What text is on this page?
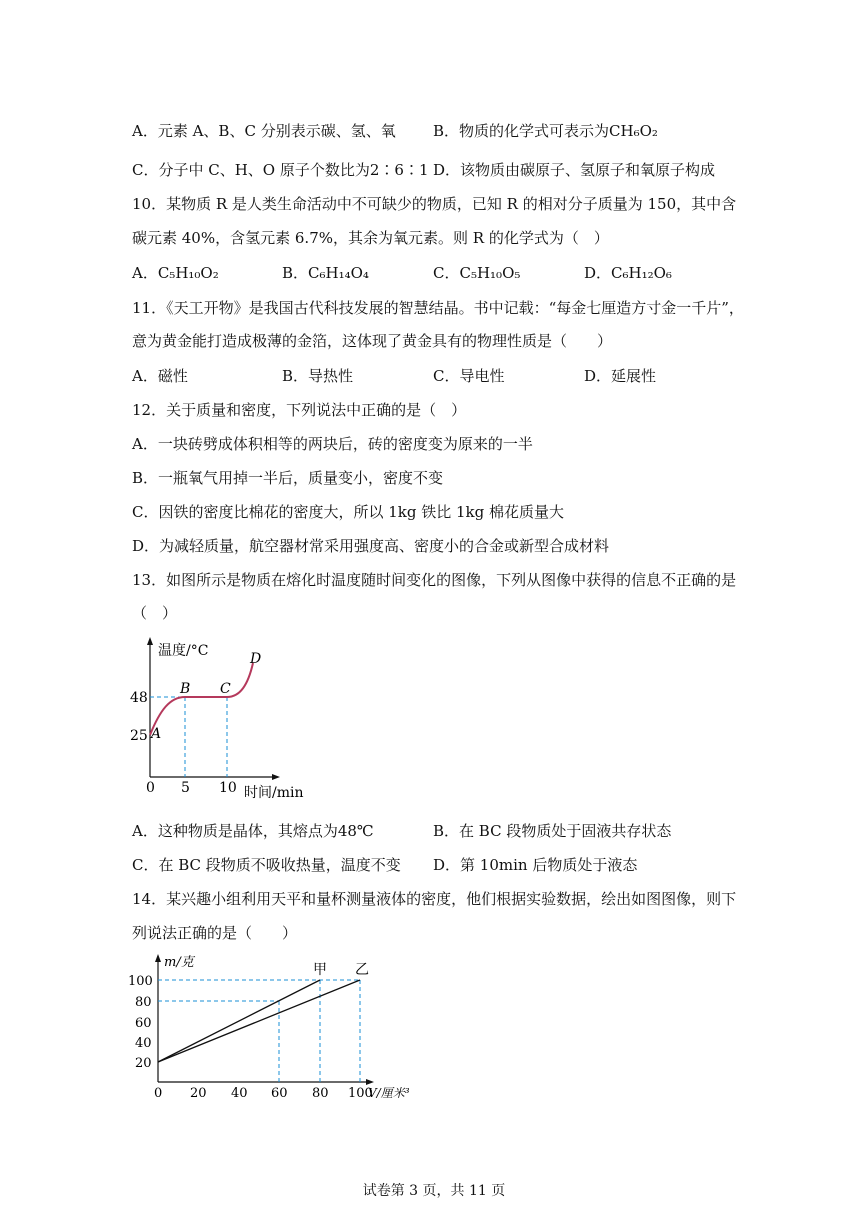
A．元素 A、B、C 分别表示碳、氢、氧 B．物质的化学式可表示为CH₆O₂
C．分子中 C、H、O 原子个数比为2∶6∶1 D．该物质由碳原子、氢原子和氧原子构成
10．某物质 R 是人类生命活动中不可缺少的物质，已知 R 的相对分子质量为 150，其中含
碳元素 40%，含氢元素 6.7%，其余为氧元素。则 R 的化学式为（　）
A．C₅H₁₀O₂	B．C₆H₁₄O₄	C．C₅H₁₀O₅	D．C₆H₁₂O₆
11．《天工开物》是我国古代科技发展的智慧结晶。书中记载：“每金七厘造方寸金一千片”，
意为黄金能打造成极薄的金箔，这体现了黄金具有的物理性质是（　　）
A．磁性	B．导热性	C．导电性	D．延展性
12．关于质量和密度，下列说法中正确的是（　）
A．一块砖劈成体积相等的两块后，砖的密度变为原来的一半
B．一瓶氧气用掉一半后，质量变小，密度不变
C．因铁的密度比棉花的密度大，所以 1kg 铁比 1kg 棉花质量大
D．为减轻质量，航空器材常采用强度高、密度小的合金或新型合成材料
13．如图所示是物质在熔化时温度随时间变化的图像，下列从图像中获得的信息不正确的是
（　）
温度/°C
48
25
0 5 10 时间/min
A
B C
D
A．这种物质是晶体，其熔点为48℃	B．在 BC 段物质处于固液共存状态
C．在 BC 段物质不吸收热量，温度不变 D．第 10min 后物质处于液态
14．某兴趣小组利用天平和量杯测量液体的密度，他们根据实验数据，绘出如图图像，则下
列说法正确的是（　　）
m/克
100
80
60
40
20
0 20 40 60 80 100
V/厘米³
甲 乙
试卷第 3 页，共 11 页
